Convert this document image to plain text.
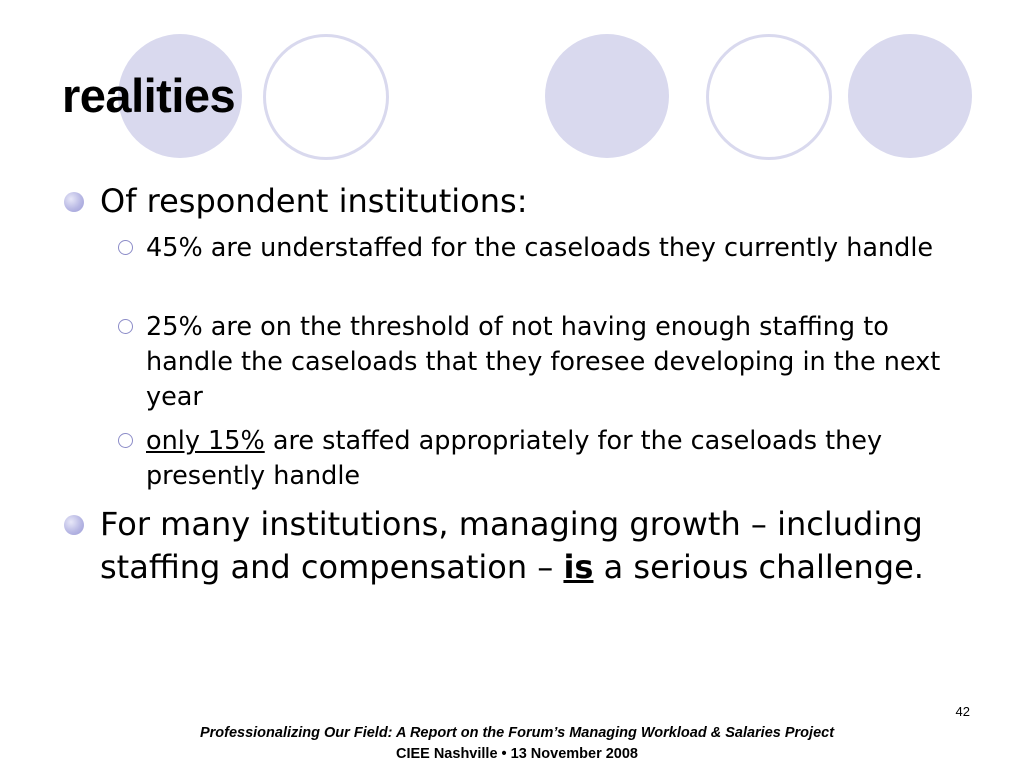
realities
Of respondent institutions:
45% are understaffed for the caseloads they currently handle
25% are on the threshold of not having enough staffing to handle the caseloads that they foresee developing in the next year
only 15% are staffed appropriately for the caseloads they presently handle
For many institutions, managing growth – including staffing and compensation – is a serious challenge.
42
Professionalizing Our Field: A Report on the Forum’s Managing Workload & Salaries Project
CIEE Nashville • 13 November 2008
